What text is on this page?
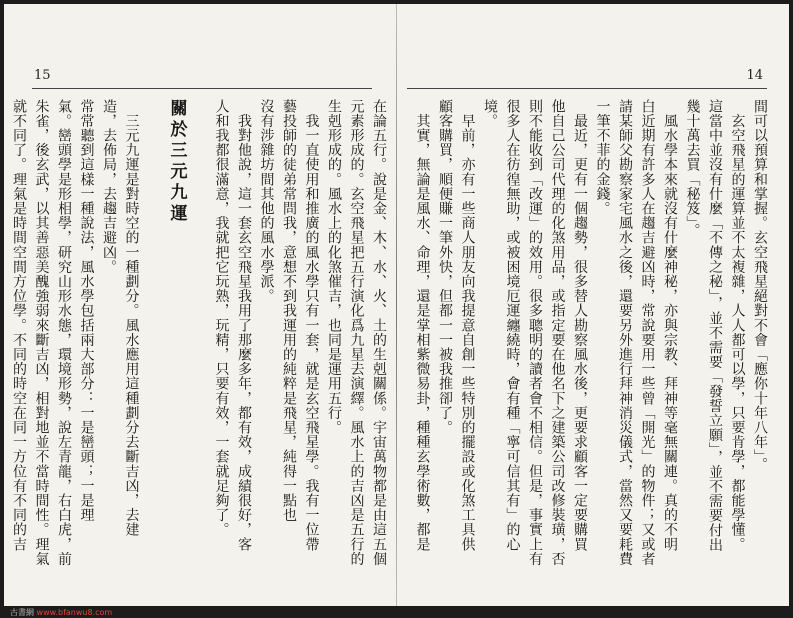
15
在論五行。說是金、木、水、火、土的生剋關係。宇宙萬物都是由這五個
元素形成的。玄空飛星把五行演化爲九星去演繹。風水上的吉凶是五行的
生剋形成的。風水上的化煞催吉，也同是運用五行。
　我一直使用和推廣的風水學只有一套，就是玄空飛星學。我有一位帶
藝投師的徒弟常問我，意想不到我運用的純粹是飛星，純得一點也
沒有涉雜坊間其他的風水學派。
　我對他說，這一套玄空飛星我用了那麼多年，都有效，成績很好，客
人和我都很滿意，我就把它玩熟，玩精，只要有效，一套就足夠了。

關於三元九運

　三元九運是對時空的一種劃分。風水應用這種劃分去斷吉凶，去建
造，去佈局，去趨吉避凶。
常常聽到這樣一種說法，風水學包括兩大部分：一是巒頭；一是理
氣。巒頭學是形相學，研究山形水態，環境形勢，說左青龍，右白虎，前
朱雀，後玄武，以其善惡美醜強弱來斷吉凶，相對地並不當時間性。理氣
就不同了。理氣是時間空間方位學。不同的時空在同一方位有不同的吉
14
間可以預算和掌握。玄空飛星絕對不會「應你十年八年」。
　玄空飛星的運算並不太複雜，人人都可以學，只要肯學，都能學懂。
這當中並沒有什麼「不傳之秘」，並不需要「發誓立願」，並不需要付出
幾十萬去買「秘笈」。
　風水學本來就沒有什麼神秘，亦與宗教、拜神等毫無關連。真的不明
白近期有許多人在趨吉避凶時，常說要用一些曾「開光」的物件；又或者
請某師父勘察家宅風水之後，還要另外進行拜神消災儀式，當然又要耗費
一筆不菲的金錢。
　最近，更有一個趨勢，很多替人勘察風水後，更要求顧客一定要購買
他自己公司代理的化煞用品，或指定要在他名下之建築公司改修裝璜，否
則不能收到「改運」的效用。很多聰明的讀者會不相信。但是，事實上有
很多人在彷徨無助，或被困境厄運纏繞時，會有種「寧可信其有」的心
境。
　早前，亦有一些商人朋友向我提意自創一些特別的擺設或化煞工具供
顧客購買，順便賺一筆外快，但都一一被我推卻了。
　其實，無論是風水、命理，還是掌相紫微易卦，種種玄學術數，都是
古書網 www.bfanwu8.com
